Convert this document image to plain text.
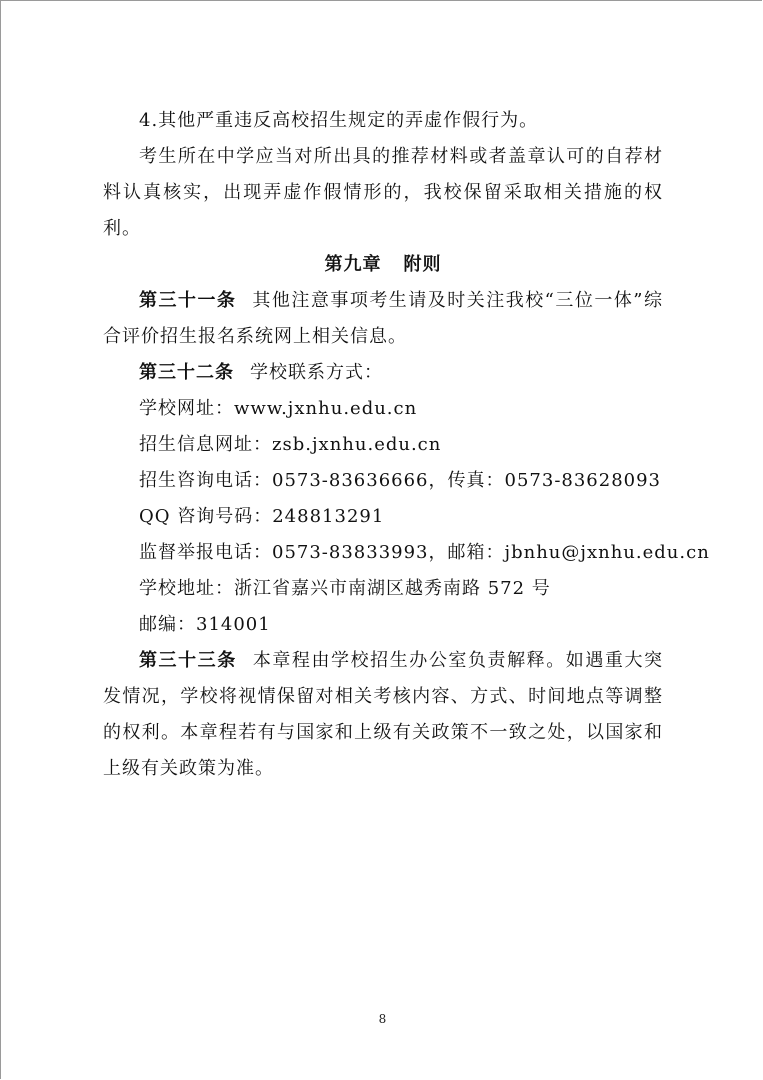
4.其他严重违反高校招生规定的弄虚作假行为。

考生所在中学应当对所出具的推荐材料或者盖章认可的自荐材料认真核实，出现弄虚作假情形的，我校保留采取相关措施的权利。

第九章 附则

第三十一条 其他注意事项考生请及时关注我校“三位一体”综合评价招生报名系统网上相关信息。

第三十二条 学校联系方式：

学校网址：www.jxnhu.edu.cn

招生信息网址：zsb.jxnhu.edu.cn

招生咨询电话：0573-83636666，传真：0573-83628093

QQ 咨询号码：248813291

监督举报电话：0573-83833993，邮箱：jbnhu@jxnhu.edu.cn

学校地址：浙江省嘉兴市南湖区越秀南路 572 号

邮编：314001

第三十三条 本章程由学校招生办公室负责解释。如遇重大突发情况，学校将视情保留对相关考核内容、方式、时间地点等调整的权利。本章程若有与国家和上级有关政策不一致之处，以国家和上级有关政策为准。

8
